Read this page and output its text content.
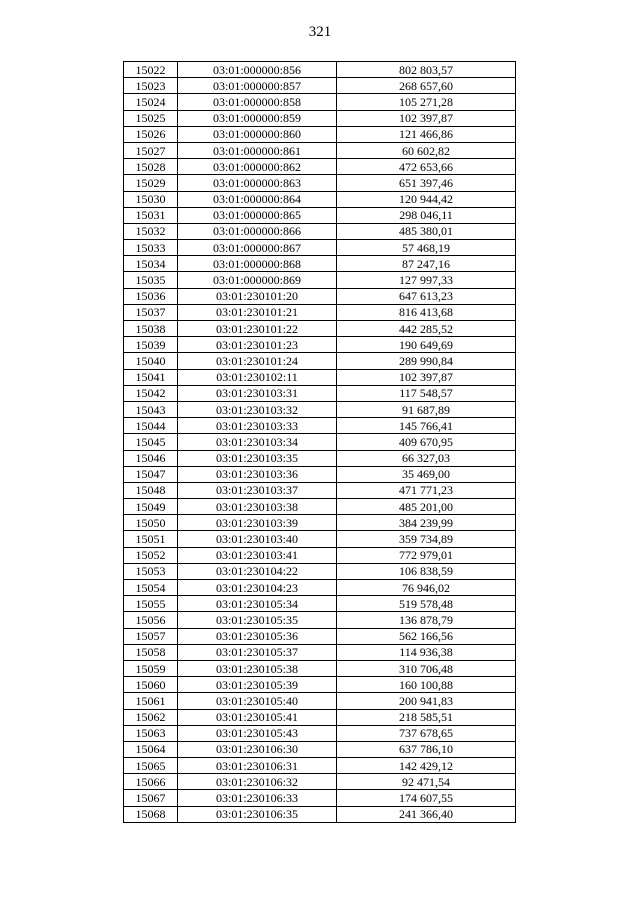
321
15022	03:01:000000:856	802 803,57
15023	03:01:000000:857	268 657,60
15024	03:01:000000:858	105 271,28
15025	03:01:000000:859	102 397,87
15026	03:01:000000:860	121 466,86
15027	03:01:000000:861	60 602,82
15028	03:01:000000:862	472 653,66
15029	03:01:000000:863	651 397,46
15030	03:01:000000:864	120 944,42
15031	03:01:000000:865	298 046,11
15032	03:01:000000:866	485 380,01
15033	03:01:000000:867	57 468,19
15034	03:01:000000:868	87 247,16
15035	03:01:000000:869	127 997,33
15036	03:01:230101:20	647 613,23
15037	03:01:230101:21	816 413,68
15038	03:01:230101:22	442 285,52
15039	03:01:230101:23	190 649,69
15040	03:01:230101:24	289 990,84
15041	03:01:230102:11	102 397,87
15042	03:01:230103:31	117 548,57
15043	03:01:230103:32	91 687,89
15044	03:01:230103:33	145 766,41
15045	03:01:230103:34	409 670,95
15046	03:01:230103:35	66 327,03
15047	03:01:230103:36	35 469,00
15048	03:01:230103:37	471 771,23
15049	03:01:230103:38	485 201,00
15050	03:01:230103:39	384 239,99
15051	03:01:230103:40	359 734,89
15052	03:01:230103:41	772 979,01
15053	03:01:230104:22	106 838,59
15054	03:01:230104:23	76 946,02
15055	03:01:230105:34	519 578,48
15056	03:01:230105:35	136 878,79
15057	03:01:230105:36	562 166,56
15058	03:01:230105:37	114 936,38
15059	03:01:230105:38	310 706,48
15060	03:01:230105:39	160 100,88
15061	03:01:230105:40	200 941,83
15062	03:01:230105:41	218 585,51
15063	03:01:230105:43	737 678,65
15064	03:01:230106:30	637 786,10
15065	03:01:230106:31	142 429,12
15066	03:01:230106:32	92 471,54
15067	03:01:230106:33	174 607,55
15068	03:01:230106:35	241 366,40
